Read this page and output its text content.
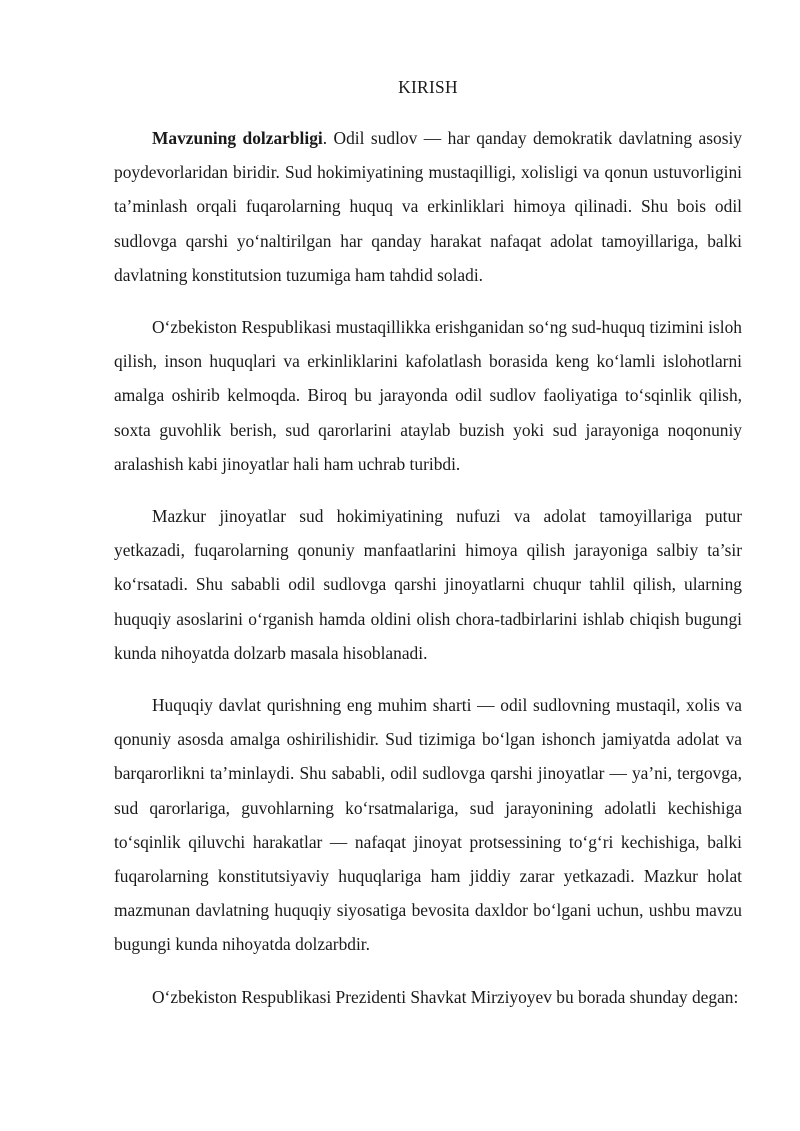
KIRISH

Mavzuning dolzarbligi. Odil sudlov — har qanday demokratik davlatning asosiy poydevorlaridan biridir. Sud hokimiyatining mustaqilligi, xolisligi va qonun ustuvorligini ta’minlash orqali fuqarolarning huquq va erkinliklari himoya qilinadi. Shu bois odil sudlovga qarshi yo‘naltirilgan har qanday harakat nafaqat adolat tamoyillariga, balki davlatning konstitutsion tuzumiga ham tahdid soladi.

O‘zbekiston Respublikasi mustaqillikka erishganidan so‘ng sud-huquq tizimini isloh qilish, inson huquqlari va erkinliklarini kafolatlash borasida keng ko‘lamli islohotlarni amalga oshirib kelmoqda. Biroq bu jarayonda odil sudlov faoliyatiga to‘sqinlik qilish, soxta guvohlik berish, sud qarorlarini ataylab buzish yoki sud jarayoniga noqonuniy aralashish kabi jinoyatlar hali ham uchrab turibdi.

Mazkur jinoyatlar sud hokimiyatining nufuzi va adolat tamoyillariga putur yetkazadi, fuqarolarning qonuniy manfaatlarini himoya qilish jarayoniga salbiy ta’sir ko‘rsatadi. Shu sababli odil sudlovga qarshi jinoyatlarni chuqur tahlil qilish, ularning huquqiy asoslarini o‘rganish hamda oldini olish chora-tadbirlarini ishlab chiqish bugungi kunda nihoyatda dolzarb masala hisoblanadi.

Huquqiy davlat qurishning eng muhim sharti — odil sudlovning mustaqil, xolis va qonuniy asosda amalga oshirilishidir. Sud tizimiga bo‘lgan ishonch jamiyatda adolat va barqarorlikni ta’minlaydi. Shu sababli, odil sudlovga qarshi jinoyatlar — ya’ni, tergovga, sud qarorlariga, guvohlarning ko‘rsatmalariga, sud jarayonining adolatli kechishiga to‘sqinlik qiluvchi harakatlar — nafaqat jinoyat protsessining to‘g‘ri kechishiga, balki fuqarolarning konstitutsiyaviy huquqlariga ham jiddiy zarar yetkazadi. Mazkur holat mazmunan davlatning huquqiy siyosatiga bevosita daxldor bo‘lgani uchun, ushbu mavzu bugungi kunda nihoyatda dolzarbdir.

O‘zbekiston Respublikasi Prezidenti Shavkat Mirziyoyev bu borada shunday degan:
